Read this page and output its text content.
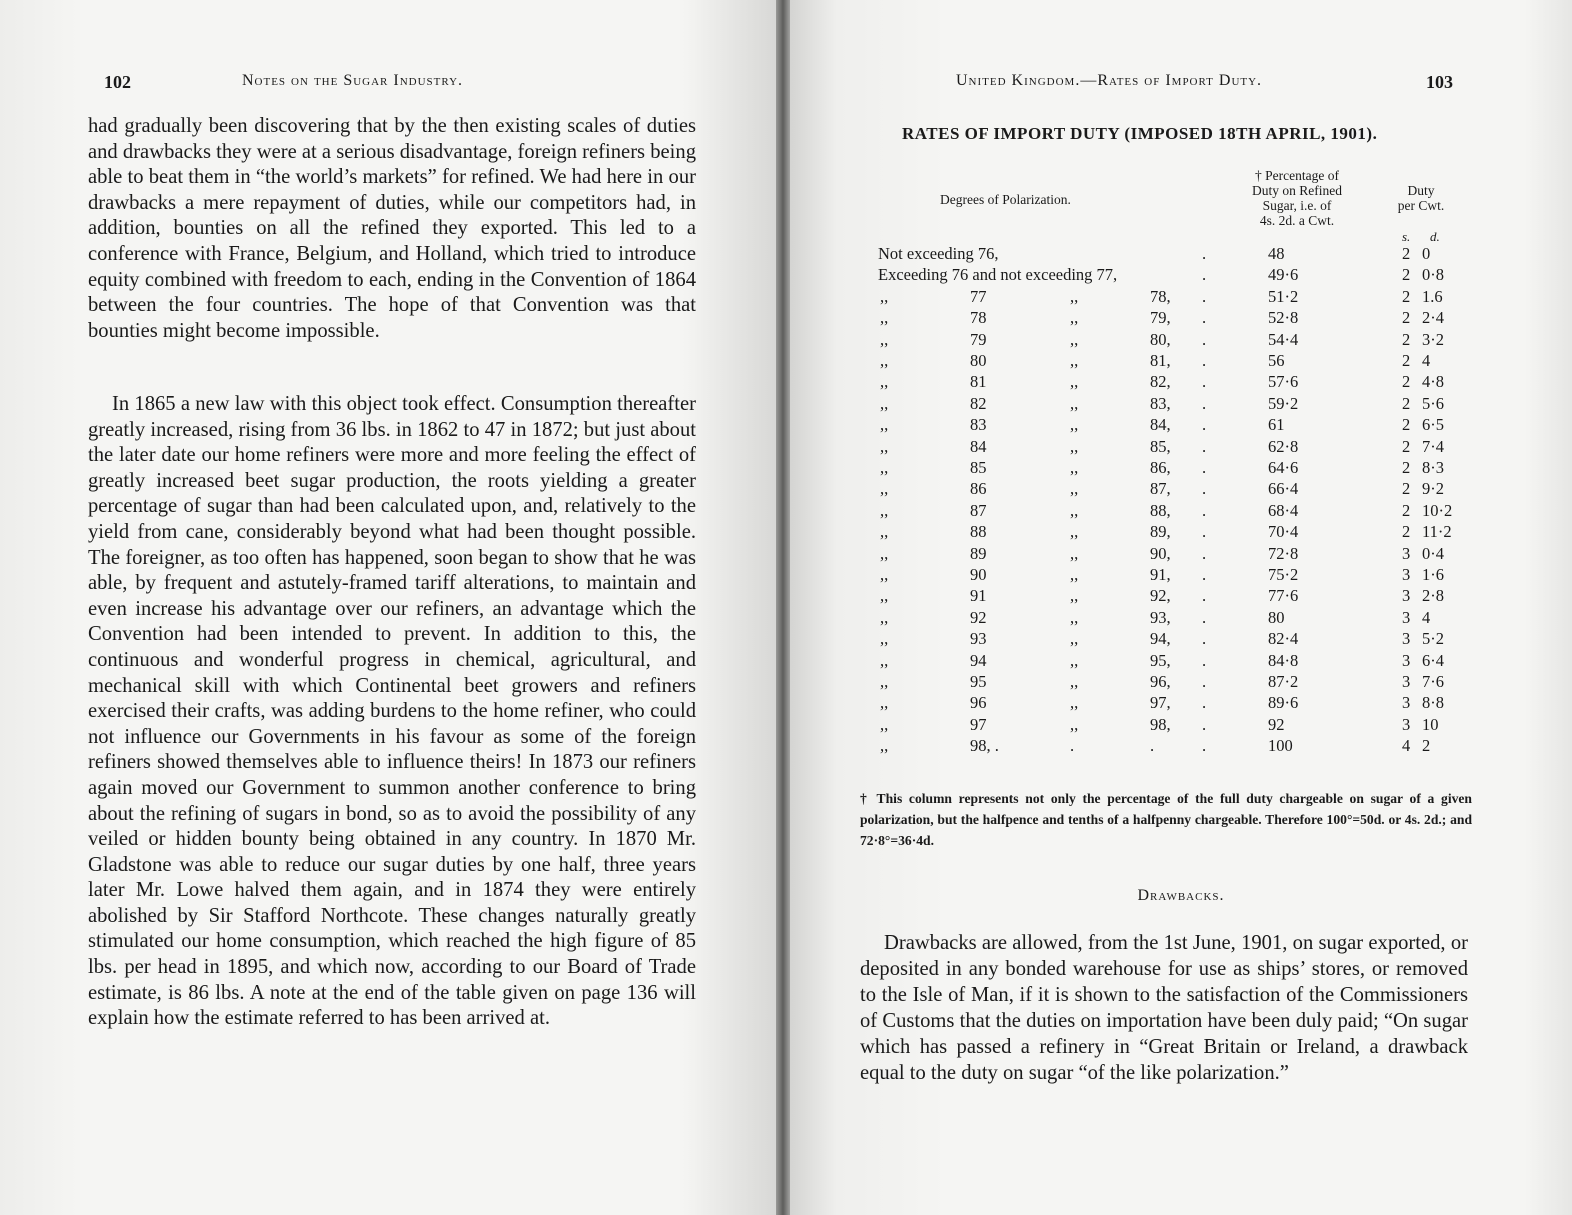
102	Notes on the Sugar Industry.

had gradually been discovering that by the then existing scales of duties and drawbacks they were at a serious disadvantage, foreign refiners being able to beat them in “the world’s markets” for refined. We had here in our drawbacks a mere repayment of duties, while our competitors had, in addition, bounties on all the refined they exported. This led to a conference with France, Belgium, and Holland, which tried to introduce equity combined with freedom to each, ending in the Convention of 1864 between the four countries. The hope of that Convention was that bounties might become impossible.

In 1865 a new law with this object took effect. Consumption thereafter greatly increased, rising from 36 lbs. in 1862 to 47 in 1872; but just about the later date our home refiners were more and more feeling the effect of greatly increased beet sugar production, the roots yielding a greater percentage of sugar than had been calculated upon, and, relatively to the yield from cane, considerably beyond what had been thought possible. The foreigner, as too often has happened, soon began to show that he was able, by frequent and astutely-framed tariff alterations, to maintain and even increase his advantage over our refiners, an advantage which the Convention had been intended to prevent. In addition to this, the continuous and wonderful progress in chemical, agricultural, and mechanical skill with which Continental beet growers and refiners exercised their crafts, was adding burdens to the home refiner, who could not influence our Governments in his favour as some of the foreign refiners showed themselves able to influence theirs! In 1873 our refiners again moved our Government to summon another conference to bring about the refining of sugars in bond, so as to avoid the possibility of any veiled or hidden bounty being obtained in any country. In 1870 Mr. Gladstone was able to reduce our sugar duties by one half, three years later Mr. Lowe halved them again, and in 1874 they were entirely abolished by Sir Stafford Northcote. These changes naturally greatly stimulated our home consumption, which reached the high figure of 85 lbs. per head in 1895, and which now, according to our Board of Trade estimate, is 86 lbs. A note at the end of the table given on page 136 will explain how the estimate referred to has been arrived at.

United Kingdom.—Rates of Import Duty.	103
RATES OF IMPORT DUTY (IMPOSED 18TH APRIL, 1901).
Degrees of Polarization.
† Percentage of
Duty on Refined
Sugar, i.e. of
4s. 2d. a Cwt.
Duty
per Cwt.
s. d.
Not exceeding 76,	.	48	2 0
Exceeding 76 and not exceeding 77,	.	49·6	2 0·8
,,	77	,,	78, .	51·2	2 1.6
,,	78	,,	79, .	52·8	2 2·4
,,	79	,,	80, .	54·4	2 3·2
,,	80	,,	81, .	56	2 4
,,	81	,,	82, .	57·6	2 4·8
,,	82	,,	83, .	59·2	2 5·6
,,	83	,,	84, .	61	2 6·5
,,	84	,,	85, .	62·8	2 7·4
,,	85	,,	86, .	64·6	2 8·3
,,	86	,,	87, .	66·4	2 9·2
,,	87	,,	88, .	68·4	2 10·2
,,	88	,,	89, .	70·4	2 11·2
,,	89	,,	90, .	72·8	3 0·4
,,	90	,,	91, .	75·2	3 1·6
,,	91	,,	92, .	77·6	3 2·8
,,	92	,,	93, .	80	3 4
,,	93	,,	94, .	82·4	3 5·2
,,	94	,,	95, .	84·8	3 6·4
,,	95	,,	96, .	87·2	3 7·6
,,	96	,,	97, .	89·6	3 8·8
,,	97	,,	98, .	92	3 10
,,	98, .	.	.	.	100	4 2

† This column represents not only the percentage of the full duty chargeable on sugar of a given polarization, but the halfpence and tenths of a halfpenny chargeable. Therefore 100°=50d. or 4s. 2d.; and 72·8°=36·4d.

Drawbacks.

Drawbacks are allowed, from the 1st June, 1901, on sugar exported, or deposited in any bonded warehouse for use as ships’ stores, or removed to the Isle of Man, if it is shown to the satisfaction of the Commissioners of Customs that the duties on importation have been duly paid; “On sugar which has passed a refinery in “Great Britain or Ireland, a drawback equal to the duty on sugar “of the like polarization.”
